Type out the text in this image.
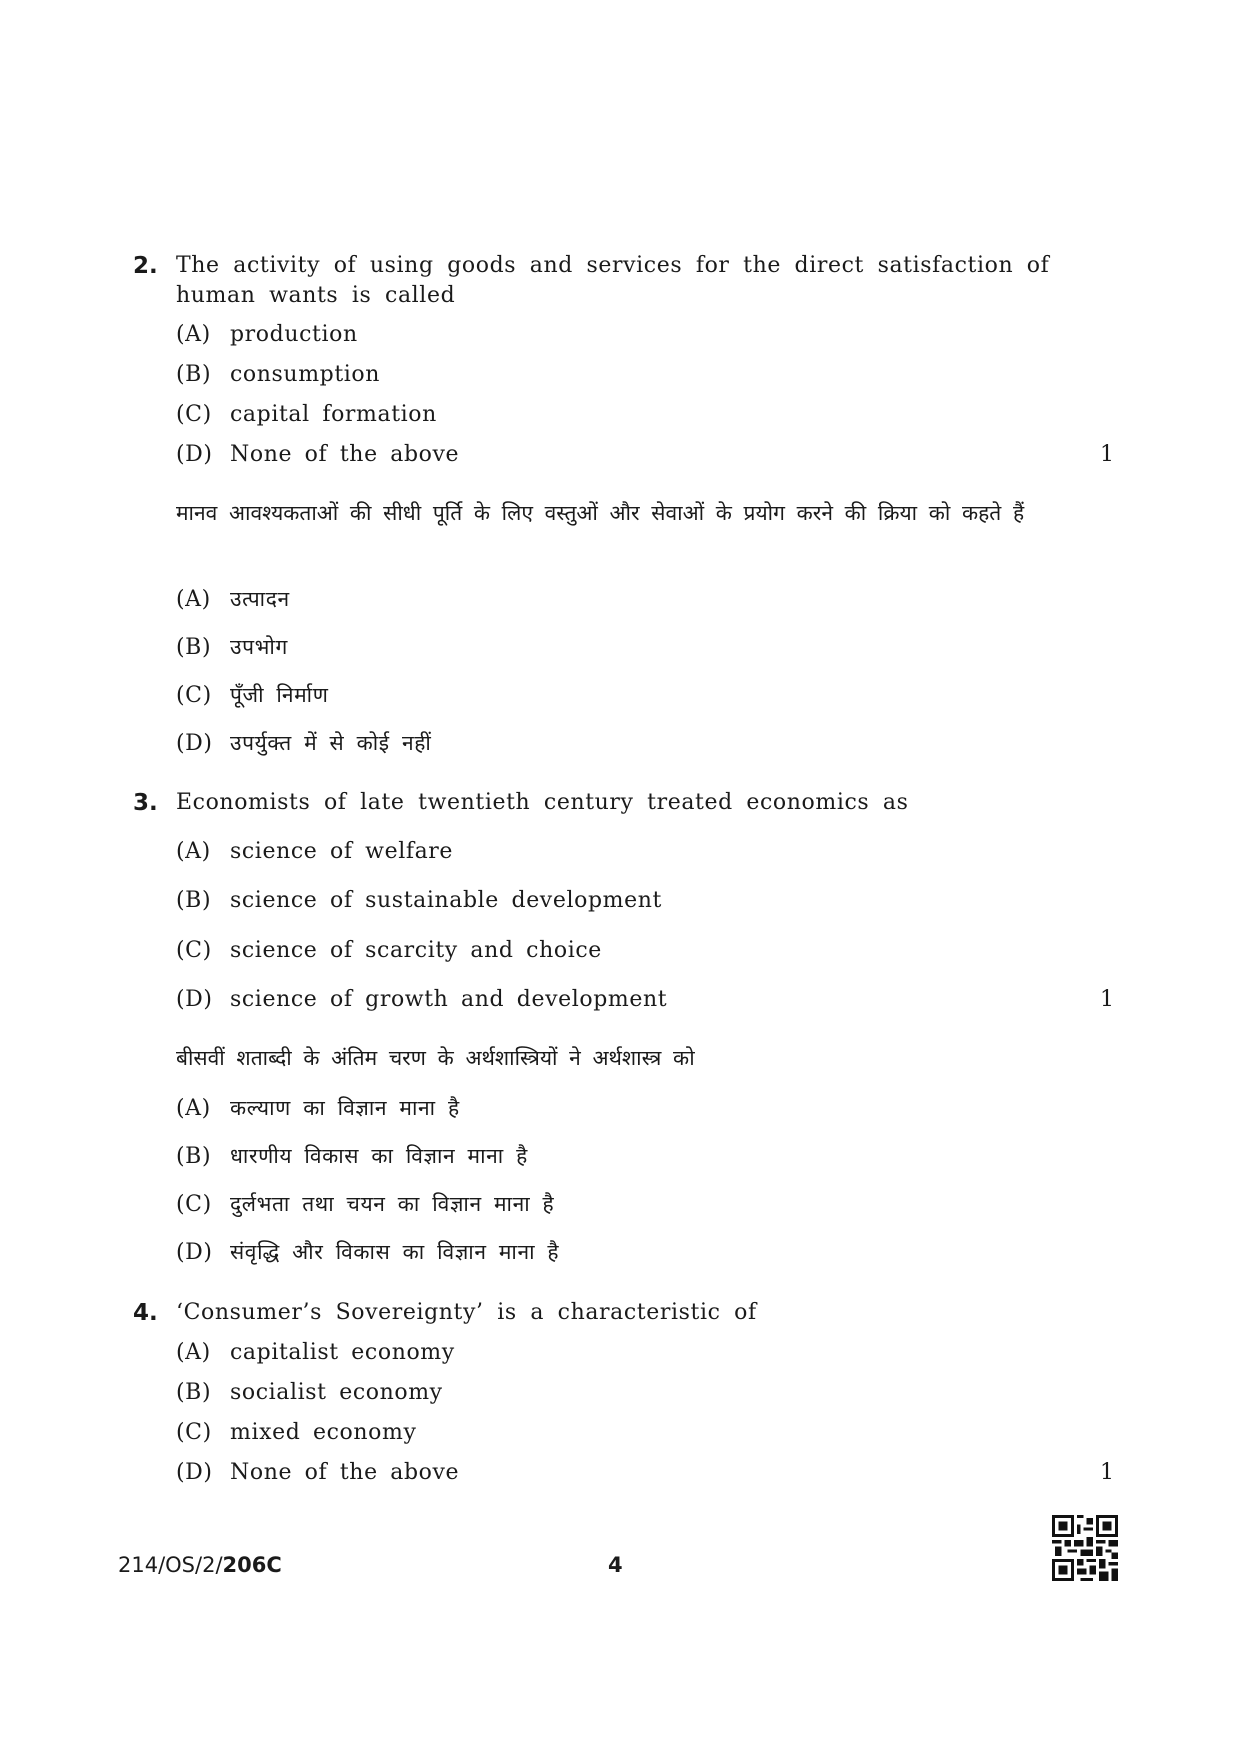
2. The activity of using goods and services for the direct satisfaction of human wants is called
(A) production
(B) consumption
(C) capital formation
(D) None of the above	1
मानव आवश्यकताओं की सीधी पूर्ति के लिए वस्तुओं और सेवाओं के प्रयोग करने की क्रिया को कहते हैं
(A) उत्पादन
(B) उपभोग
(C) पूँजी निर्माण
(D) उपर्युक्त में से कोई नहीं
3. Economists of late twentieth century treated economics as
(A) science of welfare
(B) science of sustainable development
(C) science of scarcity and choice
(D) science of growth and development	1
बीसवीं शताब्दी के अंतिम चरण के अर्थशास्त्रियों ने अर्थशास्त्र को
(A) कल्याण का विज्ञान माना है
(B) धारणीय विकास का विज्ञान माना है
(C) दुर्लभता तथा चयन का विज्ञान माना है
(D) संवृद्धि और विकास का विज्ञान माना है
4. ‘Consumer’s Sovereignty’ is a characteristic of
(A) capitalist economy
(B) socialist economy
(C) mixed economy
(D) None of the above	1
214/OS/2/206C	4
